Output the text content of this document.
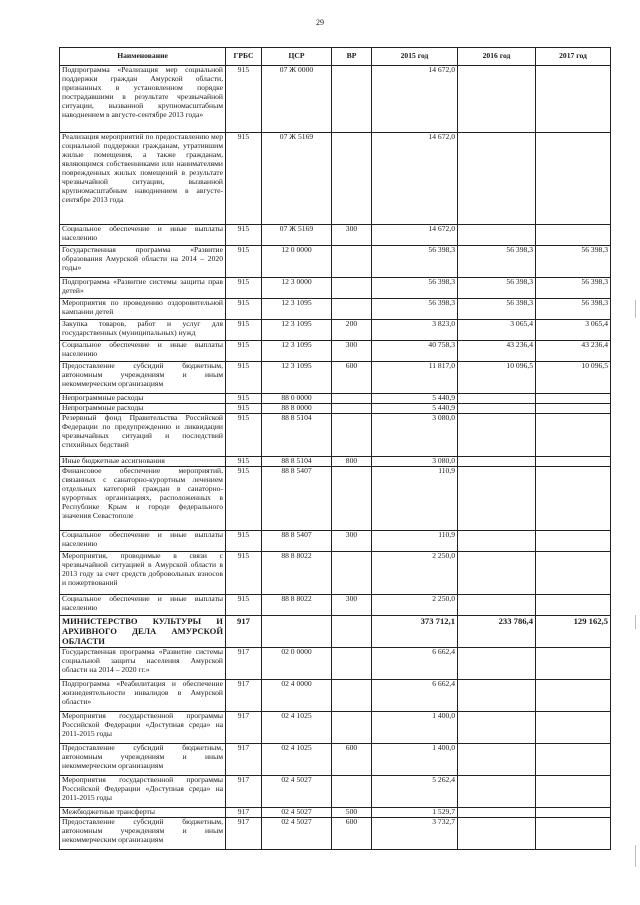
29
Наименование	ГРБС	ЦСР	ВР	2015 год	2016 год	2017 год
Подпрограмма «Реализация мер социальной поддержки граждан Амурской области, признанных в установленном порядке пострадавшими в результате чрезвычайной ситуации, вызванной крупномасштабным наводнением в августе-сентябре 2013 года»	915	07 Ж 0000		14 672,0		
Реализация мероприятий по предоставлению мер социальной поддержки гражданам, утратившим жилые помещения, а также гражданам, являющимся собственниками или нанимателями поврежденных жилых помещений в результате чрезвычайной ситуации, вызванной крупномасштабным наводнением в августе-сентябре 2013 года	915	07 Ж 5169		14 672,0		
Социальное обеспечение и иные выплаты населению	915	07 Ж 5169	300	14 672,0		
Государственная программа «Развитие образования Амурской области на 2014 – 2020 годы»	915	12 0 0000		56 398,3	56 398,3	56 398,3
Подпрограмма «Развитие системы защиты прав детей»	915	12 3 0000		56 398,3	56 398,3	56 398,3
Мероприятия по проведению оздоровительной кампании детей	915	12 3 1095		56 398,3	56 398,3	56 398,3
Закупка товаров, работ и услуг для государственных (муниципальных) нужд	915	12 3 1095	200	3 823,0	3 065,4	3 065,4
Социальное обеспечение и иные выплаты населению	915	12 3 1095	300	40 758,3	43 236,4	43 236,4
Предоставление субсидий бюджетным, автономным учреждениям и иным некоммерческим организациям	915	12 3 1095	600	11 817,0	10 096,5	10 096,5
Непрограммные расходы	915	88 0 0000		5 440,9		
Непрограммные расходы	915	88 8 0000		5 440,9		
Резервный фонд Правительства Российской Федерации по предупреждению и ликвидации чрезвычайных ситуаций и последствий стихийных бедствий	915	88 8 5104		3 080,0		
Иные бюджетные ассигнования	915	88 8 5104	800	3 080,0		
Финансовое обеспечение мероприятий, связанных с санаторно-курортным лечением отдельных категорий граждан в санаторно-курортных организациях, расположенных в Республике Крым и городе федерального значения Севастополе	915	88 8 5407		110,9		
Социальное обеспечение и иные выплаты населению	915	88 8 5407	300	110,9		
Мероприятия, проводимые в связи с чрезвычайной ситуацией в Амурской области в 2013 году за счет средств добровольных взносов и пожертвований	915	88 8 8022		2 250,0		
Социальное обеспечение и иные выплаты населению	915	88 8 8022	300	2 250,0		
МИНИСТЕРСТВО КУЛЬТУРЫ И АРХИВНОГО ДЕЛА АМУРСКОЙ ОБЛАСТИ	917			373 712,1	233 786,4	129 162,5
Государственная программа «Развитие системы социальной защиты населения Амурской области на 2014 – 2020 гг.»	917	02 0 0000		6 662,4		
Подпрограмма «Реабилитация и обеспечение жизнедеятельности инвалидов в Амурской области»	917	02 4 0000		6 662,4		
Мероприятия государственной программы Российской Федерации «Доступная среда» на 2011-2015 годы	917	02 4 1025		1 400,0		
Предоставление субсидий бюджетным, автономным учреждениям и иным некоммерческим организациям	917	02 4 1025	600	1 400,0		
Мероприятия государственной программы Российской Федерации «Доступная среда» на 2011-2015 годы	917	02 4 5027		5 262,4		
Межбюджетные трансферты	917	02 4 5027	500	1 529,7		
Предоставление субсидий бюджетным, автономным учреждениям и иным некоммерческим организациям	917	02 4 5027	600	3 732,7		
